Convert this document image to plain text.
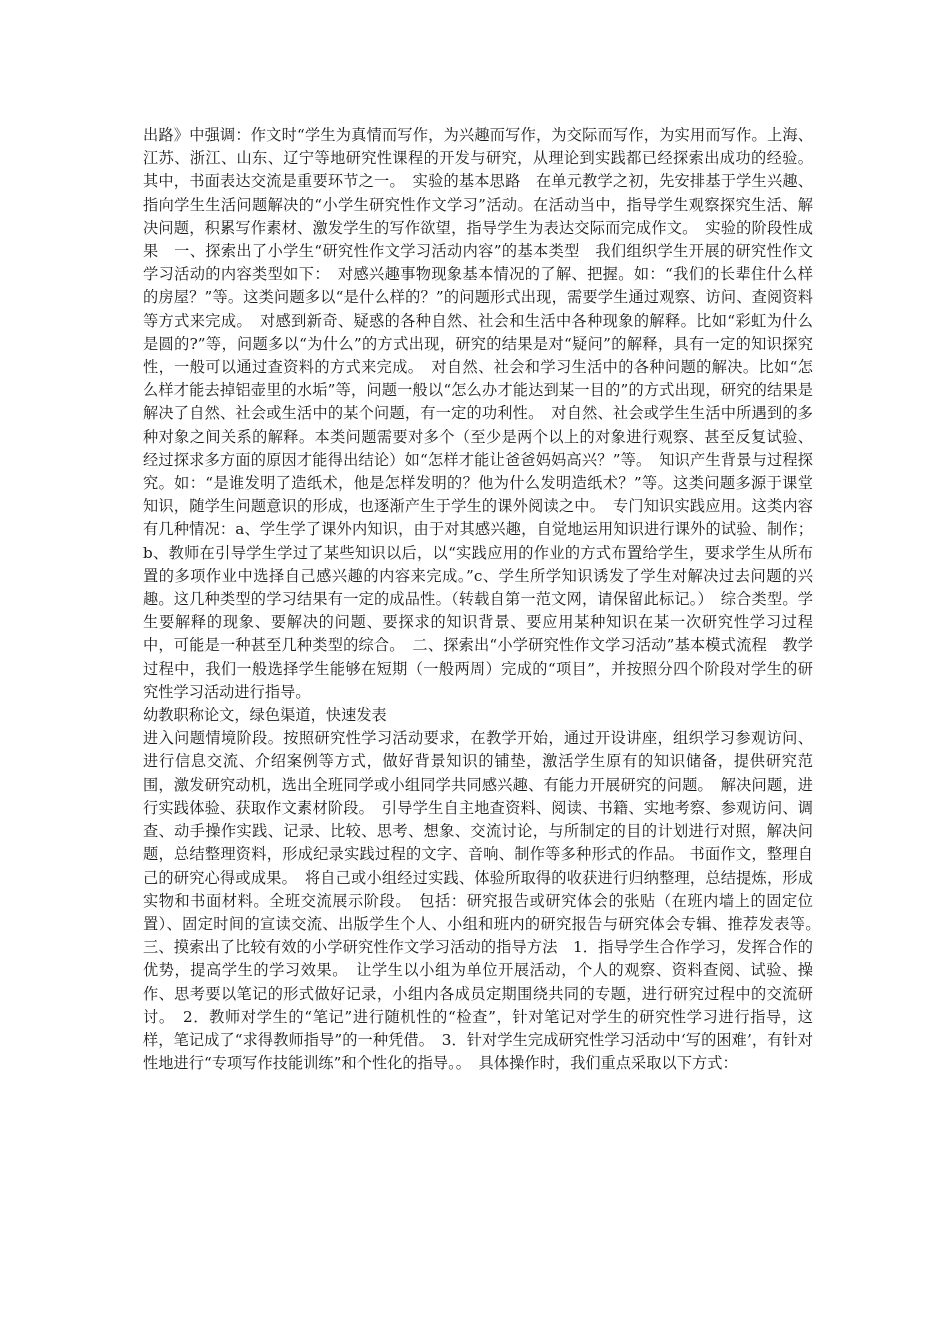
出路》中强调：作文时“学生为真情而写作，为兴趣而写作，为交际而写作，为实用而写作。上海、江苏、浙江、山东、辽宁等地研究性课程的开发与研究，从理论到实践都已经探索出成功的经验。其中，书面表达交流是重要环节之一。　实验的基本思路　在单元教学之初，先安排基于学生兴趣、指向学生生活问题解决的“小学生研究性作文学习”活动。在活动当中，指导学生观察探究生活、解决问题，积累写作素材、激发学生的写作欲望，指导学生为表达交际而完成作文。　实验的阶段性成果　一、探索出了小学生“研究性作文学习活动内容”的基本类型　我们组织学生开展的研究性作文学习活动的内容类型如下：　对感兴趣事物现象基本情况的了解、把握。如：“我们的长辈住什么样的房屋？”等。这类问题多以“是什么样的？”的问题形式出现，需要学生通过观察、访问、查阅资料等方式来完成。　对感到新奇、疑惑的各种自然、社会和生活中各种现象的解释。比如“彩虹为什么是圆的?”等，问题多以“为什么”的方式出现，研究的结果是对“疑问”的解释，具有一定的知识探究性，一般可以通过查资料的方式来完成。　对自然、社会和学习生活中的各种问题的解决。比如“怎么样才能去掉铝壶里的水垢”等，问题一般以“怎么办才能达到某一目的”的方式出现，研究的结果是解决了自然、社会或生活中的某个问题，有一定的功利性。　对自然、社会或学生生活中所遇到的多种对象之间关系的解释。本类问题需要对多个（至少是两个以上的对象进行观察、甚至反复试验、经过探求多方面的原因才能得出结论）如“怎样才能让爸爸妈妈高兴？”等。　知识产生背景与过程探究。如：“是谁发明了造纸术，他是怎样发明的？他为什么发明造纸术？”等。这类问题多源于课堂知识，随学生问题意识的形成，也逐渐产生于学生的课外阅读之中。　专门知识实践应用。这类内容有几种情况：a、学生学了课外内知识，由于对其感兴趣，自觉地运用知识进行课外的试验、制作；b、教师在引导学生学过了某些知识以后，以“实践应用的作业的方式布置给学生，要求学生从所布置的多项作业中选择自己感兴趣的内容来完成。”c、学生所学知识诱发了学生对解决过去问题的兴趣。这几种类型的学习结果有一定的成品性。（转载自第一范文网，请保留此标记。）　综合类型。学生要解释的现象、要解决的问题、要探求的知识背景、要应用某种知识在某一次研究性学习过程中，可能是一种甚至几种类型的综合。　二、探索出“小学研究性作文学习活动”基本模式流程　教学过程中，我们一般选择学生能够在短期（一般两周）完成的“项目”，并按照分四个阶段对学生的研究性学习活动进行指导。

幼教职称论文，绿色渠道，快速发表

进入问题情境阶段。按照研究性学习活动要求，在教学开始，通过开设讲座，组织学习参观访问、进行信息交流、介绍案例等方式，做好背景知识的铺垫，激活学生原有的知识储备，提供研究范围，激发研究动机，选出全班同学或小组同学共同感兴趣、有能力开展研究的问题。　解决问题，进行实践体验、获取作文素材阶段。　引导学生自主地查资料、阅读、书籍、实地考察、参观访问、调查、动手操作实践、记录、比较、思考、想象、交流讨论，与所制定的目的计划进行对照，解决问题，总结整理资料，形成纪录实践过程的文字、音响、制作等多种形式的作品。 书面作文，整理自己的研究心得或成果。　将自己或小组经过实践、体验所取得的收获进行归纳整理，总结提炼，形成实物和书面材料。全班交流展示阶段。　包括：研究报告或研究体会的张贴（在班内墙上的固定位置）、固定时间的宣读交流、出版学生个人、小组和班内的研究报告与研究体会专辑、推荐发表等。　三、摸索出了比较有效的小学研究性作文学习活动的指导方法　1．指导学生合作学习，发挥合作的优势，提高学生的学习效果。　让学生以小组为单位开展活动，个人的观察、资料查阅、试验、操作、思考要以笔记的形式做好记录，小组内各成员定期围绕共同的专题，进行研究过程中的交流研讨。　2．教师对学生的“笔记”进行随机性的“检查”，针对笔记对学生的研究性学习进行指导，这样，笔记成了“求得教师指导”的一种凭借。　3．针对学生完成研究性学习活动中‘写的困难’，有针对性地进行“专项写作技能训练”和个性化的指导。。　具体操作时，我们重点采取以下方式：
